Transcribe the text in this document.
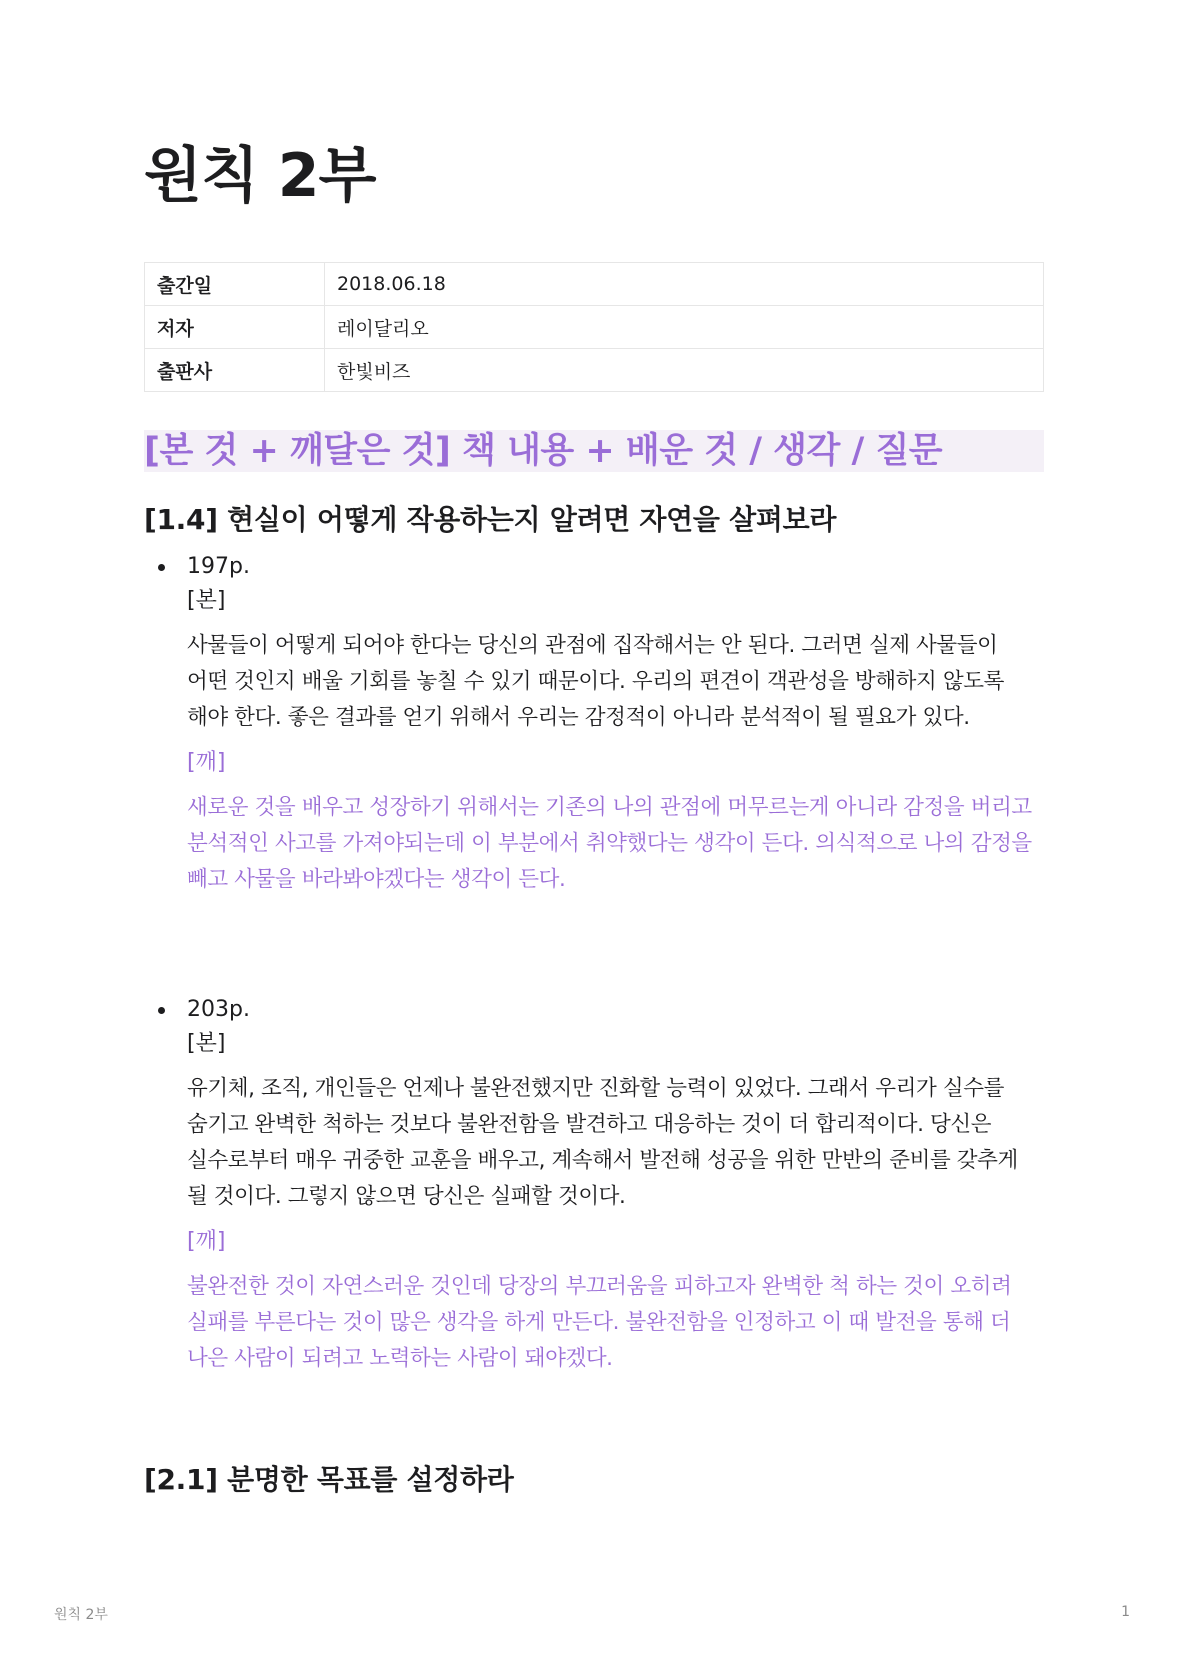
원칙 2부
출간일	2018.06.18
저자	레이달리오
출판사	한빛비즈
[본 것 + 깨달은 것] 책 내용 + 배운 것 / 생각 / 질문
[1.4] 현실이 어떻게 작용하는지 알려면 자연을 살펴보라
197p.
[본]
사물들이 어떻게 되어야 한다는 당신의 관점에 집작해서는 안 된다. 그러면 실제 사물들이 어떤 것인지 배울 기회를 놓칠 수 있기 때문이다. 우리의 편견이 객관성을 방해하지 않도록 해야 한다. 좋은 결과를 얻기 위해서 우리는 감정적이 아니라 분석적이 될 필요가 있다.
[깨]
새로운 것을 배우고 성장하기 위해서는 기존의 나의 관점에 머무르는게 아니라 감정을 버리고 분석적인 사고를 가져야되는데 이 부분에서 취약했다는 생각이 든다. 의식적으로 나의 감정을 빼고 사물을 바라봐야겠다는 생각이 든다.
203p.
[본]
유기체, 조직, 개인들은 언제나 불완전했지만 진화할 능력이 있었다. 그래서 우리가 실수를 숨기고 완벽한 척하는 것보다 불완전함을 발견하고 대응하는 것이 더 합리적이다. 당신은 실수로부터 매우 귀중한 교훈을 배우고, 계속해서 발전해 성공을 위한 만반의 준비를 갖추게 될 것이다. 그렇지 않으면 당신은 실패할 것이다.
[깨]
불완전한 것이 자연스러운 것인데 당장의 부끄러움을 피하고자 완벽한 척 하는 것이 오히려 실패를 부른다는 것이 많은 생각을 하게 만든다. 불완전함을 인정하고 이 때 발전을 통해 더 나은 사람이 되려고 노력하는 사람이 돼야겠다.
[2.1] 분명한 목표를 설정하라
원칙 2부	1
